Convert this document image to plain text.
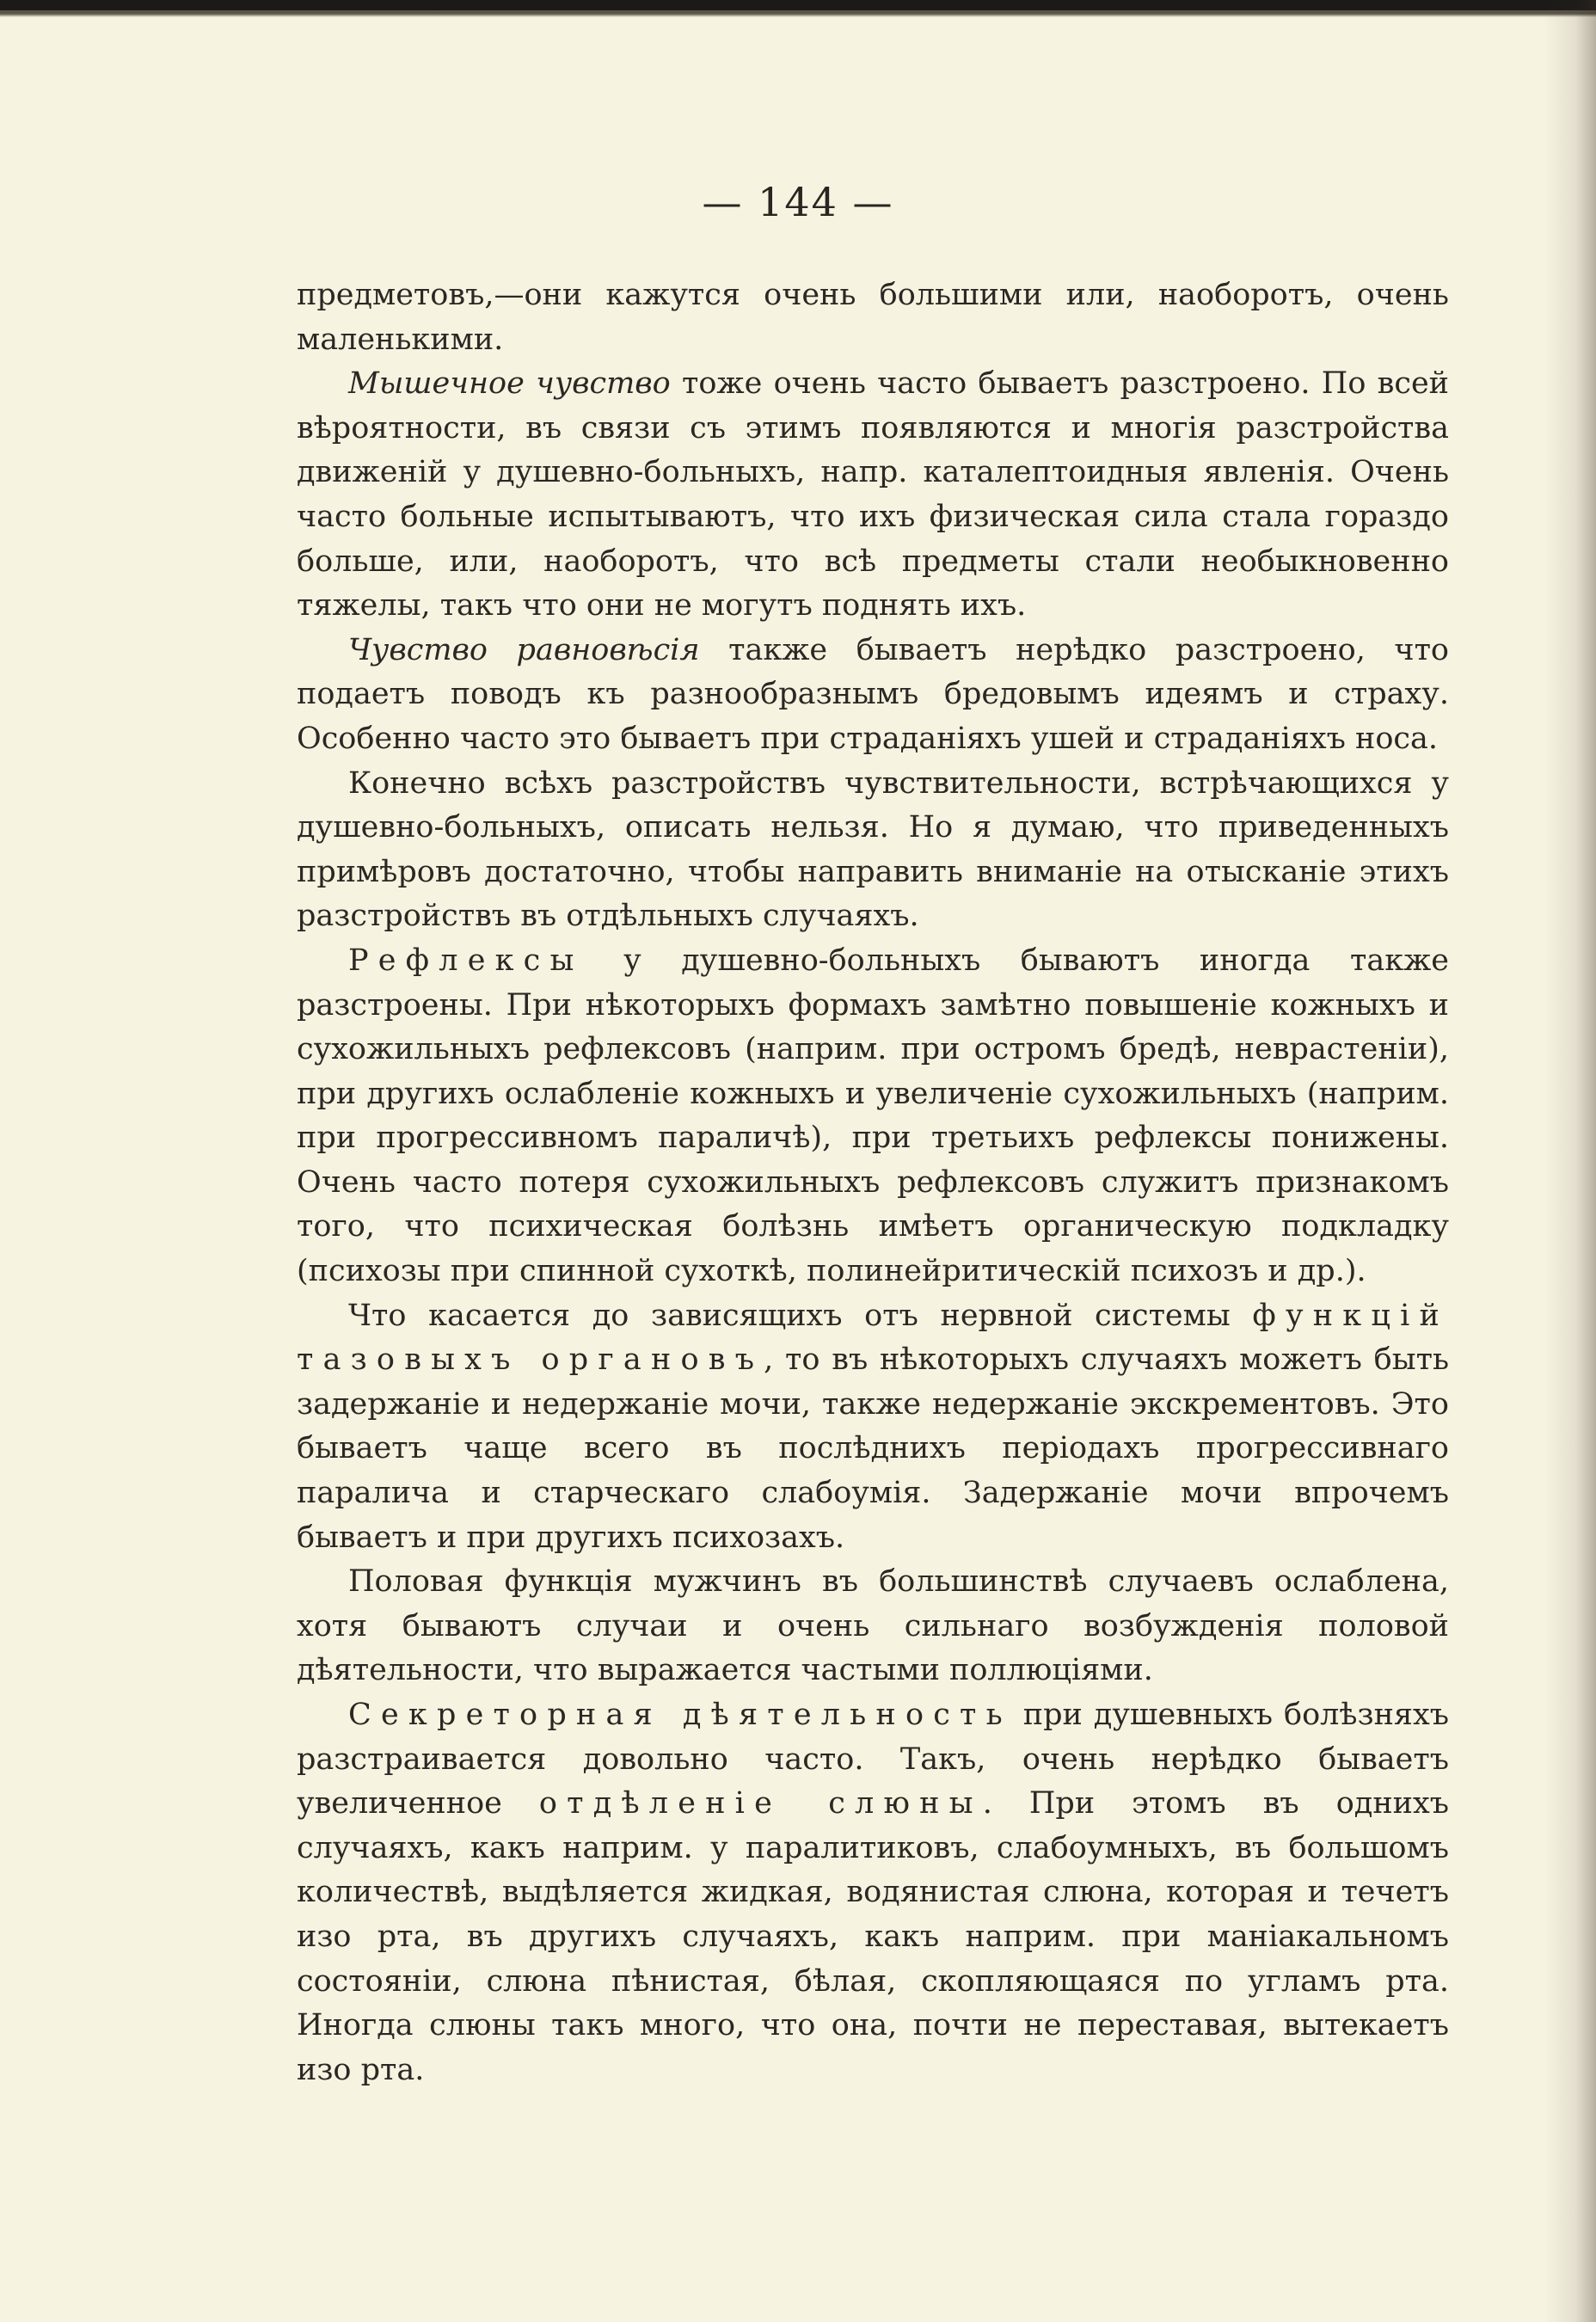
— 144 —

предметовъ,—они кажутся очень большими или, наоборотъ, очень маленькими.

Мышечное чувство тоже очень часто бываетъ разстроено. По всей вѣроятности, въ связи съ этимъ появляются и многія разстройства движеній у душевно-больныхъ, напр. каталептоидныя явленія. Очень часто больные испытываютъ, что ихъ физическая сила стала гораздо больше, или, наоборотъ, что всѣ предметы стали необыкновенно тяжелы, такъ что они не могутъ поднять ихъ.

Чувство равновѣсія также бываетъ нерѣдко разстроено, что подаетъ поводъ къ разнообразнымъ бредовымъ идеямъ и страху. Особенно часто это бываетъ при страданіяхъ ушей и страданіяхъ носа.

Конечно всѣхъ разстройствъ чувствительности, встрѣчающихся у душевно-больныхъ, описать нельзя. Но я думаю, что приведенныхъ примѣровъ достаточно, чтобы направить вниманіе на отысканіе этихъ разстройствъ въ отдѣльныхъ случаяхъ.

Рефлексы у душевно-больныхъ бываютъ иногда также разстроены. При нѣкоторыхъ формахъ замѣтно повышеніе кожныхъ и сухожильныхъ рефлексовъ (наприм. при остромъ бредѣ, неврастеніи), при другихъ ослабленіе кожныхъ и увеличеніе сухожильныхъ (наприм. при прогрессивномъ параличѣ), при третьихъ рефлексы понижены. Очень часто потеря сухожильныхъ рефлексовъ служитъ признакомъ того, что психическая болѣзнь имѣетъ органическую подкладку (психозы при спинной сухоткѣ, полинейритическій психозъ и др.).

Что касается до зависящихъ отъ нервной системы функцій тазовыхъ органовъ, то въ нѣкоторыхъ случаяхъ можетъ быть задержаніе и недержаніе мочи, также недержаніе экскрементовъ. Это бываетъ чаще всего въ послѣднихъ періодахъ прогрессивнаго паралича и старческаго слабоумія. Задержаніе мочи впрочемъ бываетъ и при другихъ психозахъ.

Половая функція мужчинъ въ большинствѣ случаевъ ослаблена, хотя бываютъ случаи и очень сильнаго возбужденія половой дѣятельности, что выражается частыми поллюціями.

Секреторная дѣятельность при душевныхъ болѣзняхъ разстраивается довольно часто. Такъ, очень нерѣдко бываетъ увеличенное отдѣленіе слюны. При этомъ въ однихъ случаяхъ, какъ наприм. у паралитиковъ, слабоумныхъ, въ большомъ количествѣ, выдѣляется жидкая, водянистая слюна, которая и течетъ изо рта, въ другихъ случаяхъ, какъ наприм. при маніакальномъ состояніи, слюна пѣнистая, бѣлая, скопляющаяся по угламъ рта. Иногда слюны такъ много, что она, почти не переставая, вытекаетъ изо рта.
